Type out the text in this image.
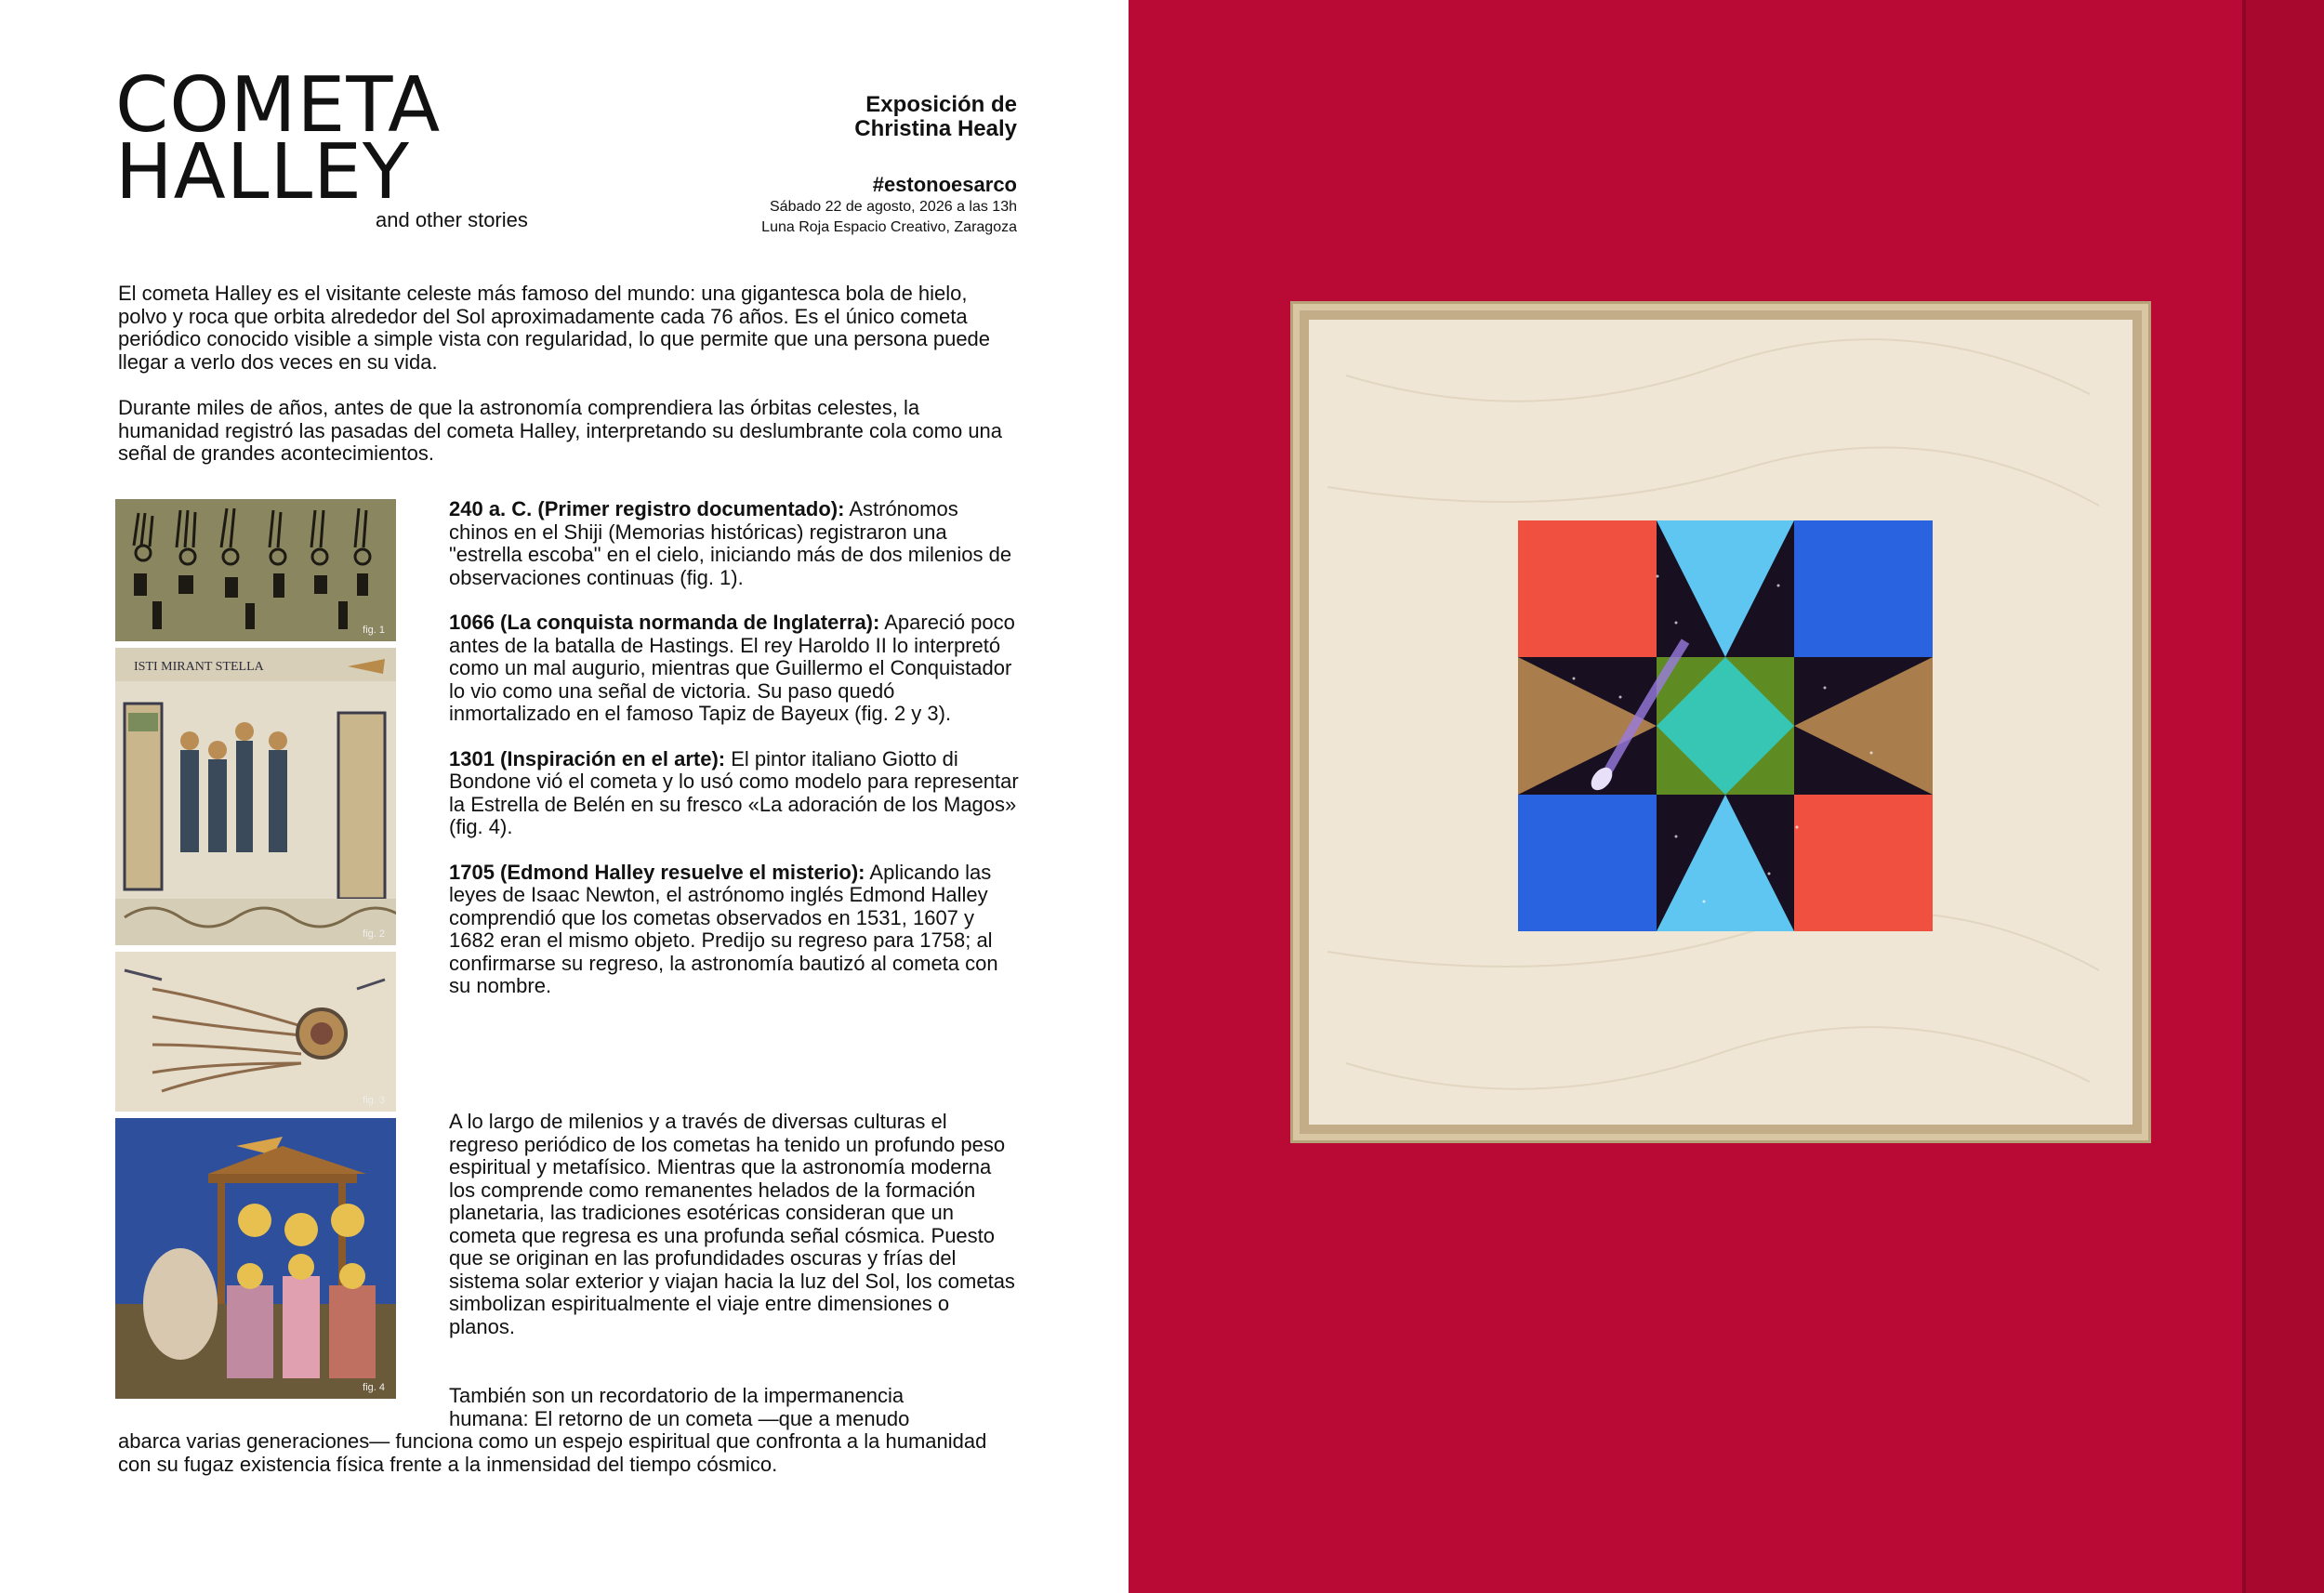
COMETA
HALLEY
and other stories
Exposición de
Christina Healy
#estonoesarco
Sábado 22 de agosto, 2026 a las 13h
Luna Roja Espacio Creativo, Zaragoza

El cometa Halley es el visitante celeste más famoso del mundo: una gigantesca bola de hielo, polvo y roca que orbita alrededor del Sol aproximadamente cada 76 años. Es el único cometa periódico conocido visible a simple vista con regularidad, lo que permite que una persona puede llegar a verlo dos veces en su vida.

Durante miles de años, antes de que la astronomía comprendiera las órbitas celestes, la humanidad registró las pasadas del cometa Halley, interpretando su deslumbrante cola como una señal de grandes acontecimientos.

fig. 1
ISTI MIRANT STELLA
fig. 2
fig. 3
fig. 4
240 a. C. (Primer registro documentado): Astrónomos chinos en el Shiji (Memorias históricas) registraron una "estrella escoba" en el cielo, iniciando más de dos milenios de observaciones continuas (fig. 1).
1066 (La conquista normanda de Inglaterra): Apareció poco antes de la batalla de Hastings. El rey Haroldo II lo interpretó como un mal augurio, mientras que Guillermo el Conquistador lo vio como una señal de victoria. Su paso quedó inmortalizado en el famoso Tapiz de Bayeux (fig. 2 y 3).
1301 (Inspiración en el arte): El pintor italiano Giotto di Bondone vió el cometa y lo usó como modelo para representar la Estrella de Belén en su fresco «La adoración de los Magos» (fig. 4).
1705 (Edmond Halley resuelve el misterio): Aplicando las leyes de Isaac Newton, el astrónomo inglés Edmond Halley comprendió que los cometas observados en 1531, 1607 y 1682 eran el mismo objeto. Predijo su regreso para 1758; al confirmarse su regreso, la astronomía bautizó al cometa con su nombre.

A lo largo de milenios y a través de diversas culturas el regreso periódico de los cometas ha tenido un profundo peso espiritual y metafísico. Mientras que la astronomía moderna los comprende como remanentes helados de la formación planetaria, las tradiciones esotéricas consideran que un cometa que regresa es una profunda señal cósmica. Puesto que se originan en las profundidades oscuras y frías del sistema solar exterior y viajan hacia la luz del Sol, los cometas simbolizan espiritualmente el viaje entre dimensiones o planos.

También son un recordatorio de la impermanencia
humana: El retorno de un cometa —que a menudo
abarca varias generaciones— funciona como un espejo espiritual que confronta a la humanidad con su fugaz existencia física frente a la inmensidad del tiempo cósmico.
